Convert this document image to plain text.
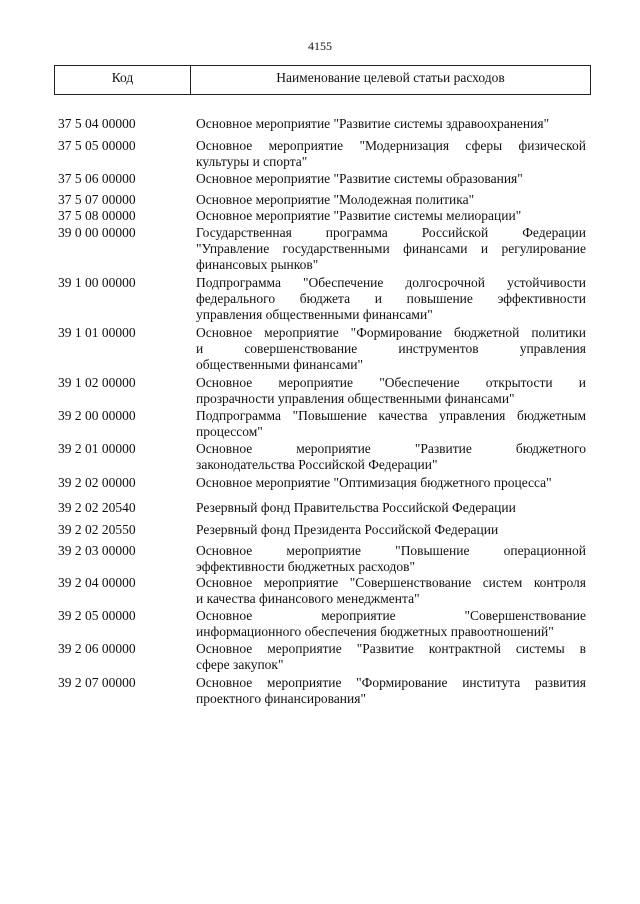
4155
Код	Наименование целевой статьи расходов
37 5 04 00000	Основное мероприятие "Развитие системы здравоохранения"
37 5 05 00000	Основное мероприятие "Модернизация сферы физической
культуры и спорта"
37 5 06 00000	Основное мероприятие "Развитие системы образования"
37 5 07 00000	Основное мероприятие "Молодежная политика"
37 5 08 00000	Основное мероприятие "Развитие системы мелиорации"
39 0 00 00000	Государственная программа Российской Федерации
"Управление государственными финансами и регулирование
финансовых рынков"
39 1 00 00000	Подпрограмма "Обеспечение долгосрочной устойчивости
федерального бюджета и повышение эффективности
управления общественными финансами"
39 1 01 00000	Основное мероприятие "Формирование бюджетной политики
и совершенствование инструментов управления
общественными финансами"
39 1 02 00000	Основное мероприятие "Обеспечение открытости и
прозрачности управления общественными финансами"
39 2 00 00000	Подпрограмма "Повышение качества управления бюджетным
процессом"
39 2 01 00000	Основное мероприятие "Развитие бюджетного
законодательства Российской Федерации"
39 2 02 00000	Основное мероприятие "Оптимизация бюджетного процесса"
39 2 02 20540	Резервный фонд Правительства Российской Федерации
39 2 02 20550	Резервный фонд Президента Российской Федерации
39 2 03 00000	Основное мероприятие "Повышение операционной
эффективности бюджетных расходов"
39 2 04 00000	Основное мероприятие "Совершенствование систем контроля
и качества финансового менеджмента"
39 2 05 00000	Основное мероприятие "Совершенствование
информационного обеспечения бюджетных правоотношений"
39 2 06 00000	Основное мероприятие "Развитие контрактной системы в
сфере закупок"
39 2 07 00000	Основное мероприятие "Формирование института развития
проектного финансирования"
